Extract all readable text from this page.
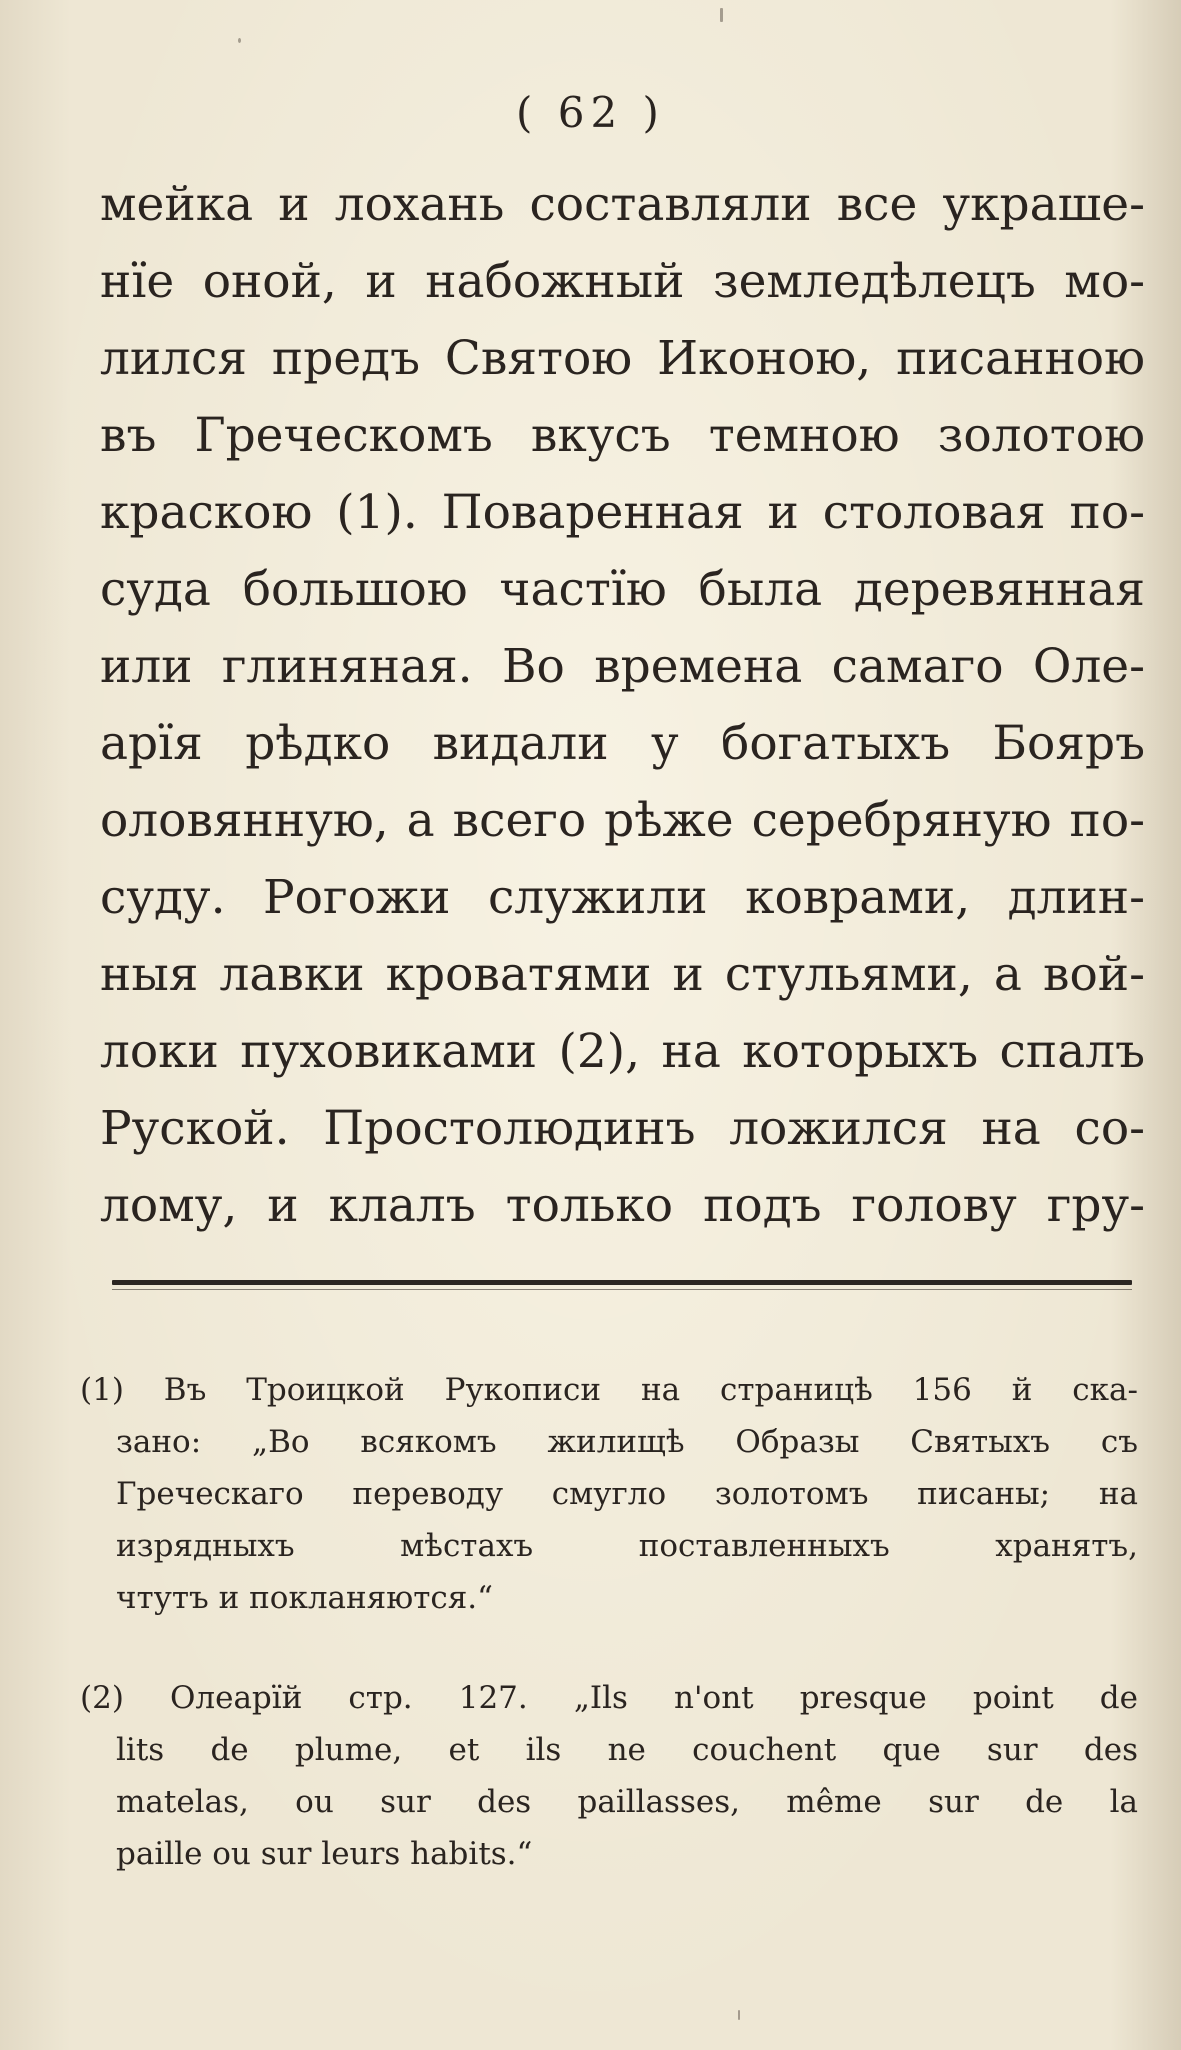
( 62 )
мейка и лохань составляли все украше-
нїе оной, и набожный земледѣлецъ мо-
лился предъ Святою Иконою, писанною
въ Греческомъ вкусъ темною золотою
краскою (1). Поваренная и столовая по-
суда большою частїю была деревянная
или глиняная. Во времена самаго Оле-
арїя рѣдко видали у богатыхъ Бояръ
оловянную, а всего рѣже серебряную по-
суду. Рогожи служили коврами, длин-
ныя лавки кроватями и стульями, а вой-
локи пуховиками (2), на которыхъ спалъ
Руской. Простолюдинъ ложился на со-
лому, и клалъ только подъ голову гру-
(1) Въ Троицкой Рукописи на страницѣ 156 й ска-
зано: „Во всякомъ жилищѣ Образы Святыхъ съ
Греческаго переводу смугло золотомъ писаны; на
изрядныхъ мѣстахъ поставленныхъ хранятъ,
чтутъ и покланяются.“
(2) Олеарїй стр. 127. „Ils n'ont presque point de
lits de plume, et ils ne couchent que sur des
matelas, ou sur des paillasses, même sur de la
paille ou sur leurs habits.“
